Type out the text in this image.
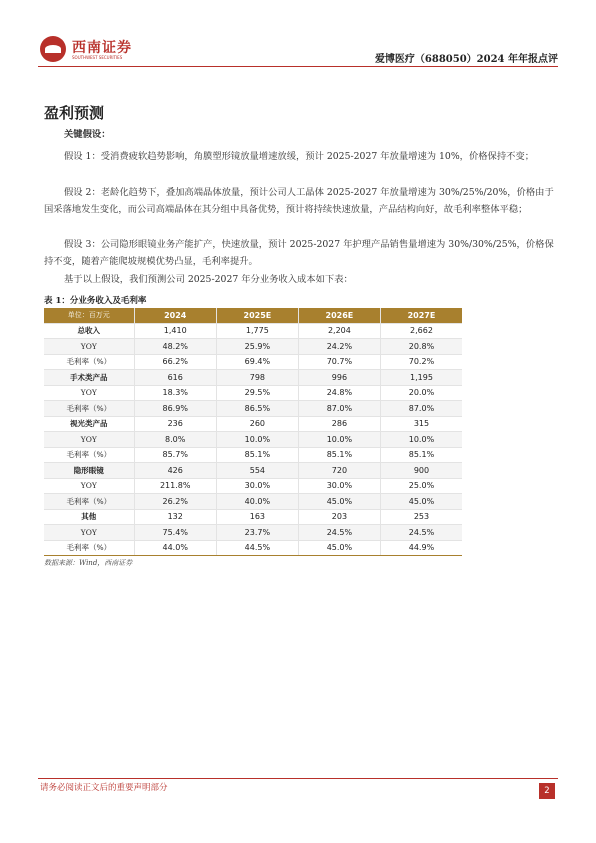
西南证券
SOUTHWEST SECURITIES	爱博医疗（688050）2024 年年报点评
盈利预测
关键假设：
假设 1：受消费疲软趋势影响，角膜塑形镜放量增速放缓，预计 2025-2027 年放量增速为 10%，价格保持不变；
假设 2：老龄化趋势下，叠加高端晶体放量，预计公司人工晶体 2025-2027 年放量增速为 30%/25%/20%，价格由于国采落地发生变化，而公司高端晶体在其分组中具备优势，预计将持续快速放量，产品结构向好，故毛利率整体平稳；
假设 3：公司隐形眼镜业务产能扩产，快速放量，预计 2025-2027 年护理产品销售量增速为 30%/30%/25%，价格保持不变，随着产能爬坡规模优势凸显，毛利率提升。
基于以上假设，我们预测公司 2025-2027 年分业务收入成本如下表：
表 1：分业务收入及毛利率
单位：百万元	2024	2025E	2026E	2027E
总收入	1,410	1,775	2,204	2,662
YOY	48.2%	25.9%	24.2%	20.8%
毛利率（%）	66.2%	69.4%	70.7%	70.2%
手术类产品	616	798	996	1,195
YOY	18.3%	29.5%	24.8%	20.0%
毛利率（%）	86.9%	86.5%	87.0%	87.0%
视光类产品	236	260	286	315
YOY	8.0%	10.0%	10.0%	10.0%
毛利率（%）	85.7%	85.1%	85.1%	85.1%
隐形眼镜	426	554	720	900
YOY	211.8%	30.0%	30.0%	25.0%
毛利率（%）	26.2%	40.0%	45.0%	45.0%
其他	132	163	203	253
YOY	75.4%	23.7%	24.5%	24.5%
毛利率（%）	44.0%	44.5%	45.0%	44.9%
数据来源：Wind，西南证券
请务必阅读正文后的重要声明部分	2
